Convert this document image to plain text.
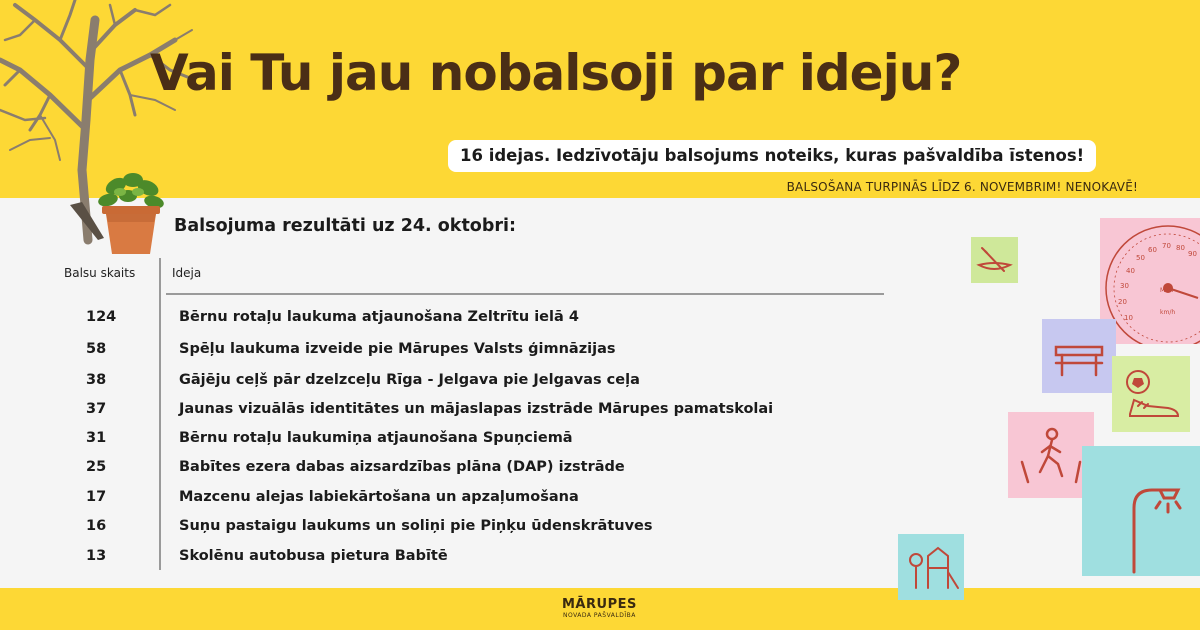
Vai Tu jau nobalsoji par ideju?
16 idejas. Iedzīvotāju balsojums noteiks, kuras pašvaldība īstenos!
BALSOŠANA TURPINĀS LĪDZ 6. NOVEMBRIM! NENOKAVĒ!
Balsojuma rezultāti uz 24. oktobri:
Balsu skaits	Ideja
124	Bērnu rotaļu laukuma atjaunošana Zeltrītu ielā 4
58	Spēļu laukuma izveide pie Mārupes Valsts ģimnāzijas
38	Gājēju ceļš pār dzelzceļu Rīga - Jelgava pie Jelgavas ceļa
37	Jaunas vizuālās identitātes un mājaslapas izstrāde Mārupes pamatskolai
31	Bērnu rotaļu laukumiņa atjaunošana Spuņciemā
25	Babītes ezera dabas aizsardzības plāna (DAP) izstrāde
17	Mazcenu alejas labiekārtošana un apzaļumošana
16	Suņu pastaigu laukums un soliņi pie Piņķu ūdenskrātuves
13	Skolēnu autobusa pietura Babītē
10
20
30
40
50
60 70 80
90
MPH
km/h
MĀRUPES
NOVADA PAŠVALDĪBA
